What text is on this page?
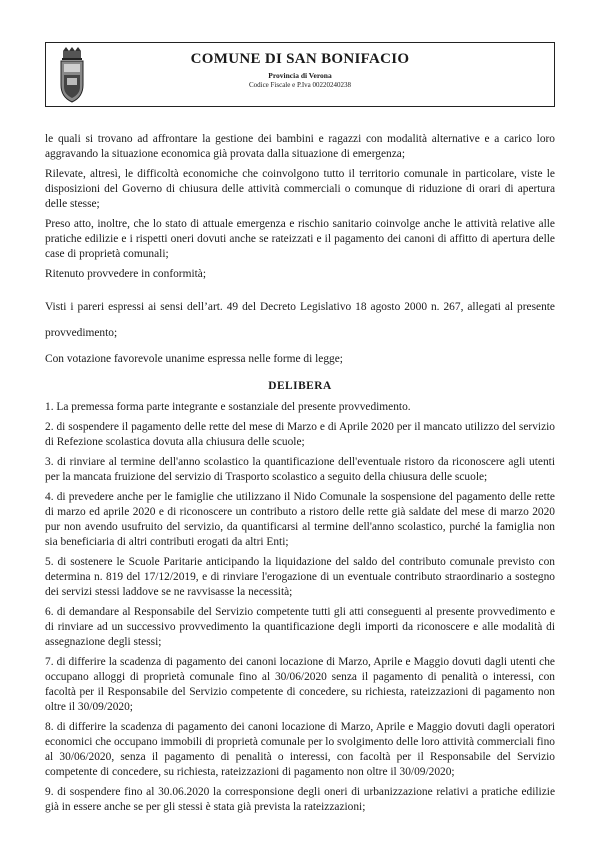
COMUNE DI SAN BONIFACIO
Provincia di Verona
Codice Fiscale e P.Iva 00220240238

le quali si trovano ad affrontare la gestione dei bambini e ragazzi con modalità alternative e a carico loro aggravando la situazione economica già provata dalla situazione di emergenza;

Rilevate, altresì, le difficoltà economiche che coinvolgono tutto il territorio comunale in particolare, viste le disposizioni del Governo di chiusura delle attività commerciali o comunque di riduzione di orari di apertura delle stesse;

Preso atto, inoltre, che lo stato di attuale emergenza e rischio sanitario coinvolge anche le attività relative alle pratiche edilizie e i rispetti oneri dovuti anche se rateizzati e il pagamento dei canoni di affitto di apertura delle case di proprietà comunali;

Ritenuto provvedere in conformità;

Visti i pareri espressi ai sensi dell’art. 49 del Decreto Legislativo 18 agosto 2000 n. 267, allegati al presente provvedimento;

Con votazione favorevole unanime espressa nelle forme di legge;

DELIBERA

1. La premessa forma parte integrante e sostanziale del presente provvedimento.

2. di sospendere il pagamento delle rette del mese di Marzo e di Aprile 2020 per il mancato utilizzo del servizio di Refezione scolastica dovuta alla chiusura delle scuole;

3. di rinviare al termine dell'anno scolastico la quantificazione dell'eventuale ristoro da riconoscere agli utenti per la mancata fruizione del servizio di Trasporto scolastico a seguito della chiusura delle scuole;

4. di prevedere anche per le famiglie che utilizzano il Nido Comunale la sospensione del pagamento delle rette di marzo ed aprile 2020 e di riconoscere un contributo a ristoro delle rette già saldate del mese di marzo 2020 pur non avendo usufruito del servizio, da quantificarsi al termine dell'anno scolastico, purché la famiglia non sia beneficiaria di altri contributi erogati da altri Enti;

5. di sostenere le Scuole Paritarie anticipando la liquidazione del saldo del contributo comunale previsto con determina n. 819 del 17/12/2019, e di rinviare l'erogazione di un eventuale contributo straordinario a sostegno dei servizi stessi laddove se ne ravvisasse la necessità;

6. di demandare al Responsabile del Servizio competente tutti gli atti conseguenti al presente provvedimento e di rinviare ad un successivo provvedimento la quantificazione degli importi da riconoscere e alle modalità di assegnazione degli stessi;

7. di differire la scadenza di pagamento dei canoni locazione di Marzo, Aprile e Maggio dovuti dagli utenti che occupano alloggi di proprietà comunale fino al 30/06/2020 senza il pagamento di penalità o interessi, con facoltà per il Responsabile del Servizio competente di concedere, su richiesta, rateizzazioni di pagamento non oltre il 30/09/2020;

8. di differire la scadenza di pagamento dei canoni locazione di Marzo, Aprile e Maggio dovuti dagli operatori economici che occupano immobili di proprietà comunale per lo svolgimento delle loro attività commerciali fino al 30/06/2020, senza il pagamento di penalità o interessi, con facoltà per il Responsabile del Servizio competente di concedere, su richiesta, rateizzazioni di pagamento non oltre il 30/09/2020;

9. di sospendere fino al 30.06.2020 la corresponsione degli oneri di urbanizzazione relativi a pratiche edilizie già in essere anche se per gli stessi è stata già prevista la rateizzazioni;
